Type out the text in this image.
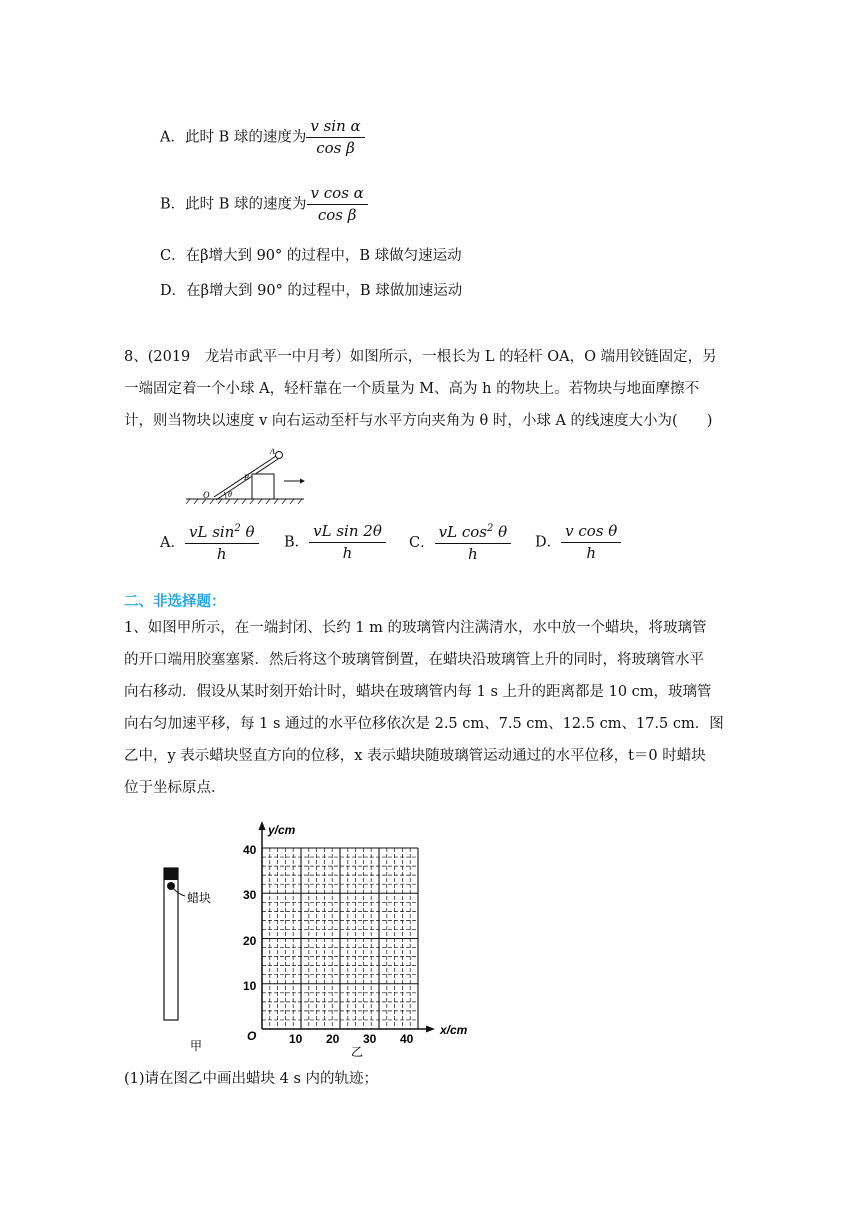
A．此时 B 球的速度为 $\frac{\text{v sin α}}{\text{cos β}}$
B．此时 B 球的速度为 $\frac{\text{v cos α}}{\text{cos β}}$
C．在β增大到 90° 的过程中，B 球做匀速运动
D．在β增大到 90° 的过程中，B 球做加速运动
8、(2019　龙岩市武平一中月考）如图所示，一根长为 L 的轻杆 OA，O 端用铰链固定，另
一端固定着一个小球 A，轻杆靠在一个质量为 M、高为 h 的物块上。若物块与地面摩擦不
计，则当物块以速度 v 向右运动至杆与水平方向夹角为 θ 时，小球 A 的线速度大小为(　　)
O θ
B
A
A． $\frac{vL \sin^2 \theta}{h}$ B． $\frac{\text{vL sin 2θ}}{h}$ C． $\frac{vL \cos^2 \theta}{h}$ D． $\frac{\text{v cos θ}}{h}$
二、非选择题：
1、如图甲所示，在一端封闭、长约 1 m 的玻璃管内注满清水，水中放一个蜡块，将玻璃管
的开口端用胶塞塞紧．然后将这个玻璃管倒置，在蜡块沿玻璃管上升的同时，将玻璃管水平
向右移动．假设从某时刻开始计时，蜡块在玻璃管内每 1 s 上升的距离都是 10 cm，玻璃管
向右匀加速平移，每 1 s 通过的水平位移依次是 2.5 cm、7.5 cm、12.5 cm、17.5 cm．图
乙中，y 表示蜡块竖直方向的位移，x 表示蜡块随玻璃管运动通过的水平位移，t＝0 时蜡块
位于坐标原点．
蜡块
甲
y/cm
x/cm
O
10
20
30
40
10 20 30 40
乙
(1)请在图乙中画出蜡块 4 s 内的轨迹；
